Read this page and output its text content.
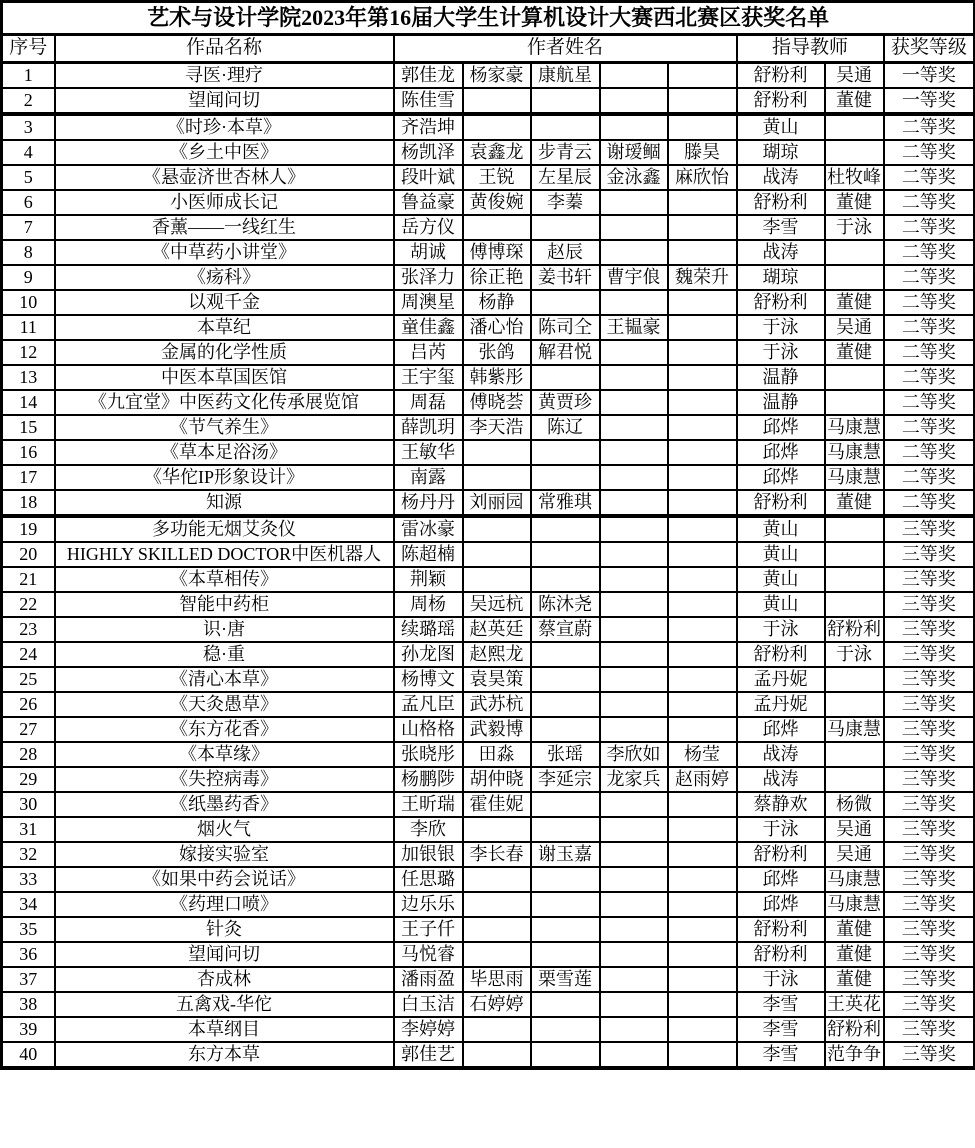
艺术与设计学院2023年第16届大学生计算机设计大赛西北赛区获奖名单									
序号	作品名称	作者姓名					指导教师		获奖等级
1	寻医·理疗	郭佳龙	杨家豪	康航星			舒粉利	吴通	一等奖
2	望闻问切	陈佳雪					舒粉利	董健	一等奖
3	《时珍·本草》	齐浩坤					黄山		二等奖
4	《乡土中医》	杨凯泽	袁鑫龙	步青云	谢瑷鲴	滕昊	瑚琼		二等奖
5	《悬壶济世杏林人》	段叶斌	王锐	左星辰	金泳鑫	麻欣怡	战涛	杜牧峰	二等奖
6	小医师成长记	鲁益豪	黄俊婉	李蓁			舒粉利	董健	二等奖
7	香薰——一线红生	岳方仪					李雪	于泳	二等奖
8	《中草药小讲堂》	胡诚	傅博琛	赵辰			战涛		二等奖
9	《疡科》	张泽力	徐正艳	姜书轩	曹宇俍	魏荣升	瑚琼		二等奖
10	以观千金	周澳星	杨静				舒粉利	董健	二等奖
11	本草纪	童佳鑫	潘心怡	陈司仝	王韫豪		于泳	吴通	二等奖
12	金属的化学性质	吕芮	张鸽	解君悦			于泳	董健	二等奖
13	中医本草国医馆	王宇玺	韩紫彤				温静		二等奖
14	《九宜堂》中医药文化传承展览馆	周磊	傅晓荟	黄贾珍			温静		二等奖
15	《节气养生》	薛凯玥	李天浩	陈辽			邱烨	马康慧	二等奖
16	《草本足浴汤》	王敏华					邱烨	马康慧	二等奖
17	《华佗IP形象设计》	南露					邱烨	马康慧	二等奖
18	知源	杨丹丹	刘丽园	常雅琪			舒粉利	董健	二等奖
19	多功能无烟艾灸仪	雷冰豪					黄山		三等奖
20	HIGHLY SKILLED DOCTOR中医机器人	陈超楠					黄山		三等奖
21	《本草相传》	荆颖					黄山		三等奖
22	智能中药柜	周杨	吴远杭	陈沐尧			黄山		三等奖
23	识·唐	续璐瑶	赵英廷	蔡宣蔚			于泳	舒粉利	三等奖
24	稳·重	孙龙图	赵熙龙				舒粉利	于泳	三等奖
25	《清心本草》	杨博文	袁昊策				孟丹妮		三等奖
26	《天灸愚草》	孟凡臣	武苏杭				孟丹妮		三等奖
27	《东方花香》	山格格	武毅博				邱烨	马康慧	三等奖
28	《本草缘》	张晓彤	田淼	张瑶	李欣如	杨莹	战涛		三等奖
29	《失控病毒》	杨鹏陟	胡仲晓	李延宗	龙家兵	赵雨婷	战涛		三等奖
30	《纸墨药香》	王昕瑞	霍佳妮				蔡静欢	杨微	三等奖
31	烟火气	李欣					于泳	吴通	三等奖
32	嫁接实验室	加银银	李长春	谢玉嘉			舒粉利	吴通	三等奖
33	《如果中药会说话》	任思璐					邱烨	马康慧	三等奖
34	《药理口喷》	边乐乐					邱烨	马康慧	三等奖
35	针灸	王子仟					舒粉利	董健	三等奖
36	望闻问切	马悦睿					舒粉利	董健	三等奖
37	杏成林	潘雨盈	毕思雨	栗雪莲			于泳	董健	三等奖
38	五禽戏-华佗	白玉洁	石婷婷				李雪	王英花	三等奖
39	本草纲目	李婷婷					李雪	舒粉利	三等奖
40	东方本草	郭佳艺					李雪	范争争	三等奖
